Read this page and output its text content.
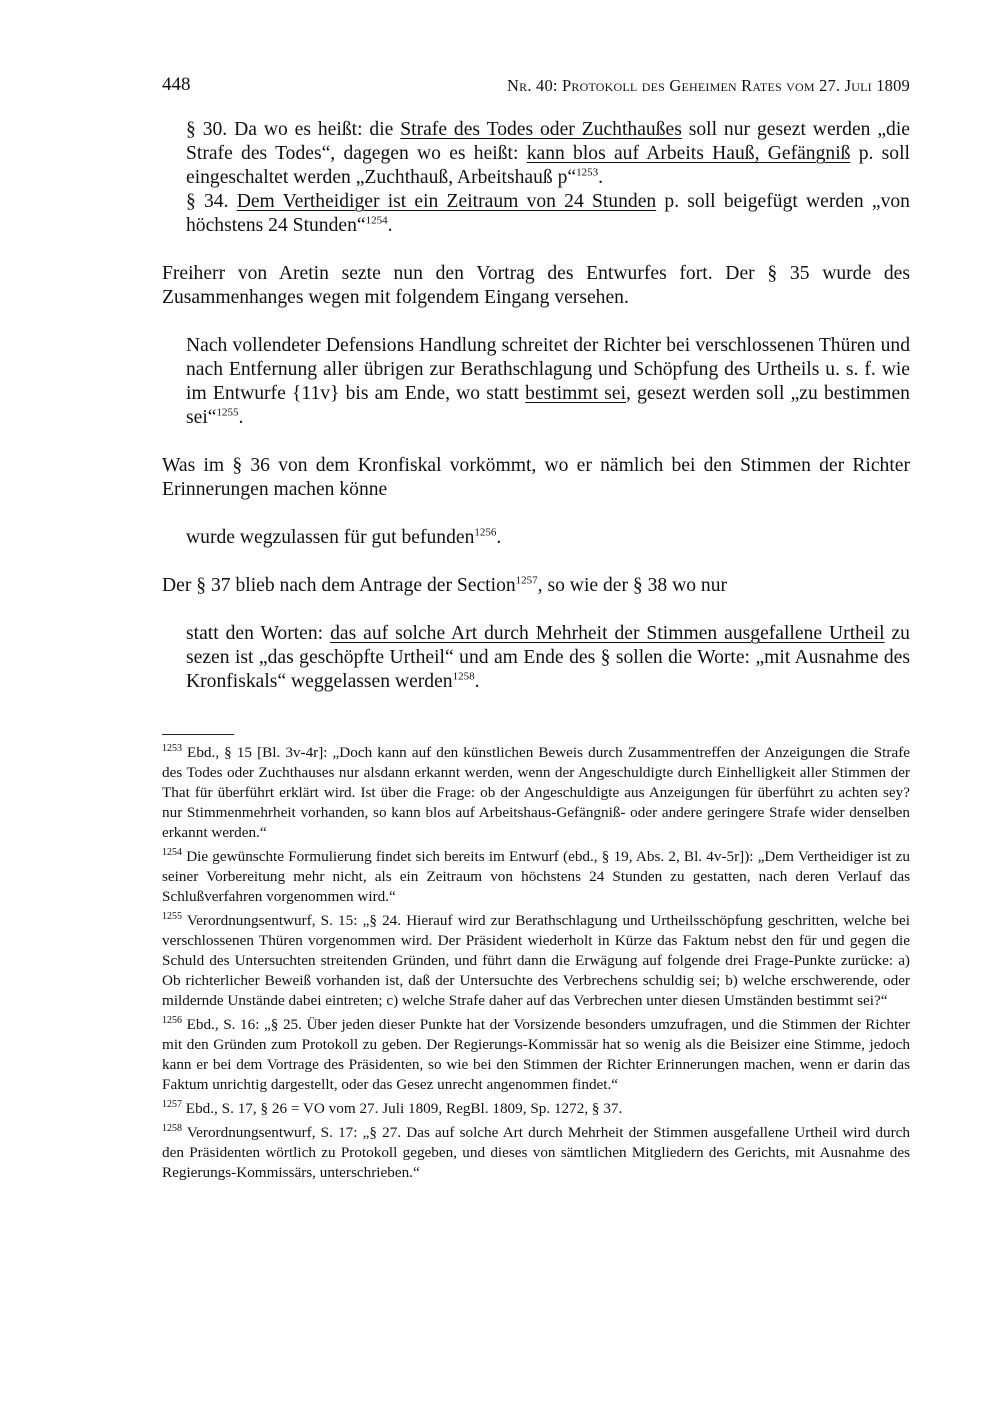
448	Nr. 40: Protokoll des Geheimen Rates vom 27. Juli 1809

§ 30. Da wo es heißt: die Strafe des Todes oder Zuchthaußes soll nur gesezt werden „die Strafe des Todes“, dagegen wo es heißt: kann blos auf Arbeits Hauß, Gefängniß p. soll eingeschaltet werden „Zuchthauß, Arbeitshauß p“$^{1253}$.

§ 34. Dem Vertheidiger ist ein Zeitraum von 24 Stunden p. soll beigefügt werden „von höchstens 24 Stunden“$^{1254}$.

Freiherr von Aretin sezte nun den Vortrag des Entwurfes fort. Der § 35 wurde des Zusammenhanges wegen mit folgendem Eingang versehen.

Nach vollendeter Defensions Handlung schreitet der Richter bei verschlossenen Thüren und nach Entfernung aller übrigen zur Berathschlagung und Schöpfung des Urtheils u. s. f. wie im Entwurfe {11v} bis am Ende, wo statt bestimmt sei, gesezt werden soll „zu bestimmen sei“$^{1255}$.

Was im § 36 von dem Kronfiskal vorkömmt, wo er nämlich bei den Stimmen der Richter Erinnerungen machen könne

wurde wegzulassen für gut befunden$^{1256}$.

Der § 37 blieb nach dem Antrage der Section$^{1257}$, so wie der § 38 wo nur

statt den Worten: das auf solche Art durch Mehrheit der Stimmen ausgefallene Urtheil zu sezen ist „das geschöpfte Urtheil“ und am Ende des § sollen die Worte: „mit Ausnahme des Kronfiskals“ weggelassen werden$^{1258}$.

$^{1253}$ Ebd., § 15 [Bl. 3v-4r]: „Doch kann auf den künstlichen Beweis durch Zusammentreffen der Anzeigungen die Strafe des Todes oder Zuchthauses nur alsdann erkannt werden, wenn der Angeschuldigte durch Einhelligkeit aller Stimmen der That für überführt erklärt wird. Ist über die Frage: ob der Angeschuldigte aus Anzeigungen für überführt zu achten sey? nur Stimmenmehrheit vorhanden, so kann blos auf Arbeitshaus-Gefängniß- oder andere geringere Strafe wider denselben erkannt werden.“

$^{1254}$ Die gewünschte Formulierung findet sich bereits im Entwurf (ebd., § 19, Abs. 2, Bl. 4v-5r]): „Dem Vertheidiger ist zu seiner Vorbereitung mehr nicht, als ein Zeitraum von höchstens 24 Stunden zu gestatten, nach deren Verlauf das Schlußverfahren vorgenommen wird.“

$^{1255}$ Verordnungsentwurf, S. 15: „§ 24. Hierauf wird zur Berathschlagung und Urtheilsschöpfung geschritten, welche bei verschlossenen Thüren vorgenommen wird. Der Präsident wiederholt in Kürze das Faktum nebst den für und gegen die Schuld des Untersuchten streitenden Gründen, und führt dann die Erwägung auf folgende drei Frage-Punkte zurücke: a) Ob richterlicher Beweiß vorhanden ist, daß der Untersuchte des Verbrechens schuldig sei; b) welche erschwerende, oder mildernde Unstände dabei eintreten; c) welche Strafe daher auf das Verbrechen unter diesen Umständen bestimmt sei?“

$^{1256}$ Ebd., S. 16: „§ 25. Über jeden dieser Punkte hat der Vorsizende besonders umzufragen, und die Stimmen der Richter mit den Gründen zum Protokoll zu geben. Der Regierungs-Kommissär hat so wenig als die Beisizer eine Stimme, jedoch kann er bei dem Vortrage des Präsidenten, so wie bei den Stimmen der Richter Erinnerungen machen, wenn er darin das Faktum unrichtig dargestellt, oder das Gesez unrecht angenommen findet.“

$^{1257}$ Ebd., S. 17, § 26 = VO vom 27. Juli 1809, RegBl. 1809, Sp. 1272, § 37.

$^{1258}$ Verordnungsentwurf, S. 17: „§ 27. Das auf solche Art durch Mehrheit der Stimmen ausgefallene Urtheil wird durch den Präsidenten wörtlich zu Protokoll gegeben, und dieses von sämtlichen Mitgliedern des Gerichts, mit Ausnahme des Regierungs-Kommissärs, unterschrieben.“
